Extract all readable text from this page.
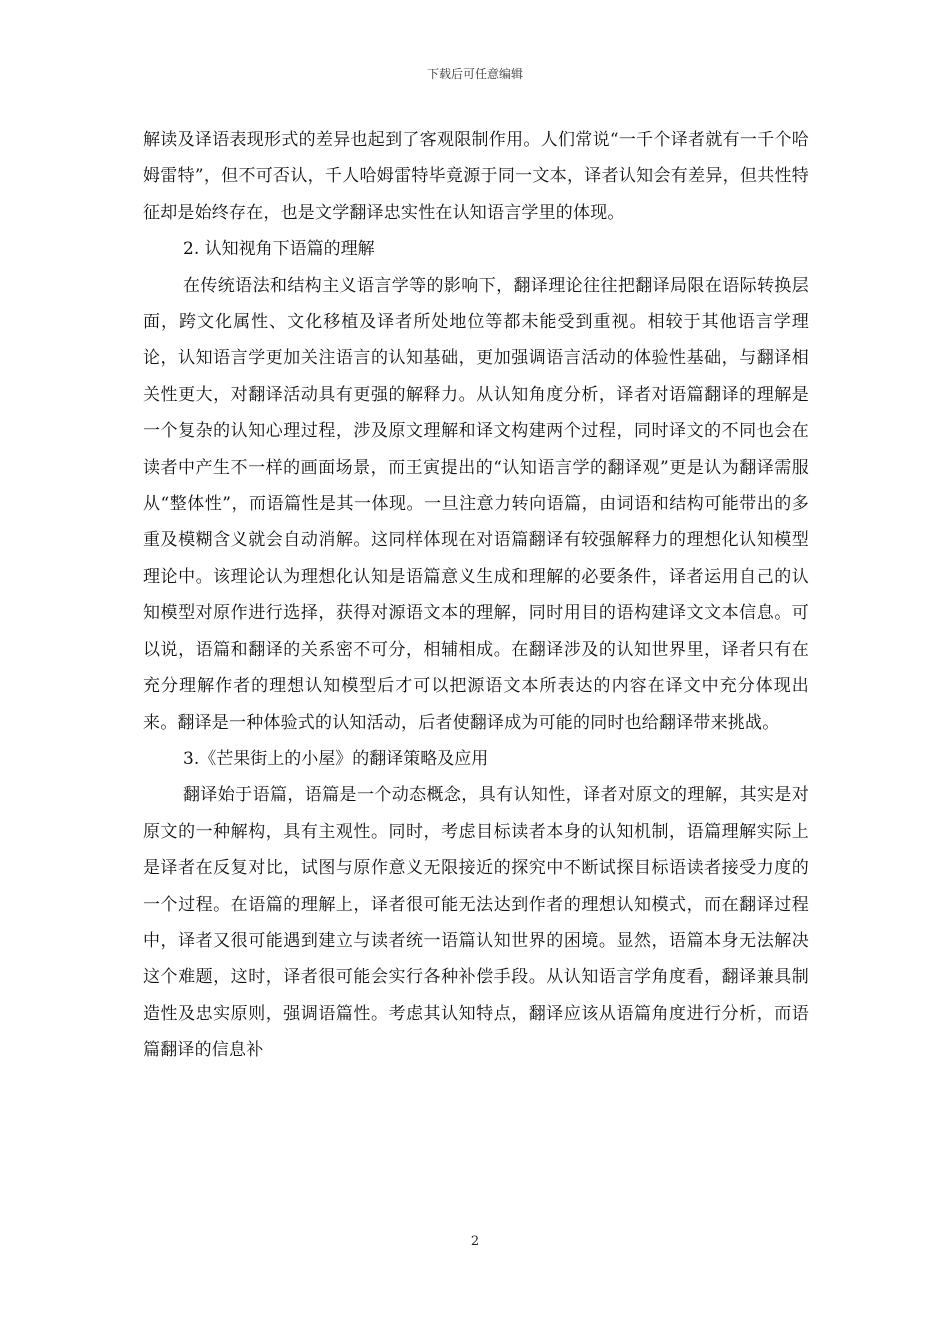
下载后可任意编辑

解读及译语表现形式的差异也起到了客观限制作用。人们常说“一千个译者就有一千个哈姆雷特”，但不可否认，千人哈姆雷特毕竟源于同一文本，译者认知会有差异，但共性特征却是始终存在，也是文学翻译忠实性在认知语言学里的体现。

2. 认知视角下语篇的理解

在传统语法和结构主义语言学等的影响下，翻译理论往往把翻译局限在语际转换层面，跨文化属性、文化移植及译者所处地位等都未能受到重视。相较于其他语言学理论，认知语言学更加关注语言的认知基础，更加强调语言活动的体验性基础，与翻译相关性更大，对翻译活动具有更强的解释力。从认知角度分析，译者对语篇翻译的理解是一个复杂的认知心理过程，涉及原文理解和译文构建两个过程，同时译文的不同也会在读者中产生不一样的画面场景，而王寅提出的“认知语言学的翻译观”更是认为翻译需服从“整体性”，而语篇性是其一体现。一旦注意力转向语篇，由词语和结构可能带出的多重及模糊含义就会自动消解。这同样体现在对语篇翻译有较强解释力的理想化认知模型理论中。该理论认为理想化认知是语篇意义生成和理解的必要条件，译者运用自己的认知模型对原作进行选择，获得对源语文本的理解，同时用目的语构建译文文本信息。可以说，语篇和翻译的关系密不可分，相辅相成。在翻译涉及的认知世界里，译者只有在充分理解作者的理想认知模型后才可以把源语文本所表达的内容在译文中充分体现出来。翻译是一种体验式的认知活动，后者使翻译成为可能的同时也给翻译带来挑战。

3.《芒果街上的小屋》的翻译策略及应用

翻译始于语篇，语篇是一个动态概念，具有认知性，译者对原文的理解，其实是对原文的一种解构，具有主观性。同时，考虑目标读者本身的认知机制，语篇理解实际上是译者在反复对比，试图与原作意义无限接近的探究中不断试探目标语读者接受力度的一个过程。在语篇的理解上，译者很可能无法达到作者的理想认知模式，而在翻译过程中，译者又很可能遇到建立与读者统一语篇认知世界的困境。显然，语篇本身无法解决这个难题，这时，译者很可能会实行各种补偿手段。从认知语言学角度看，翻译兼具制造性及忠实原则，强调语篇性。考虑其认知特点，翻译应该从语篇角度进行分析，而语篇翻译的信息补

2
